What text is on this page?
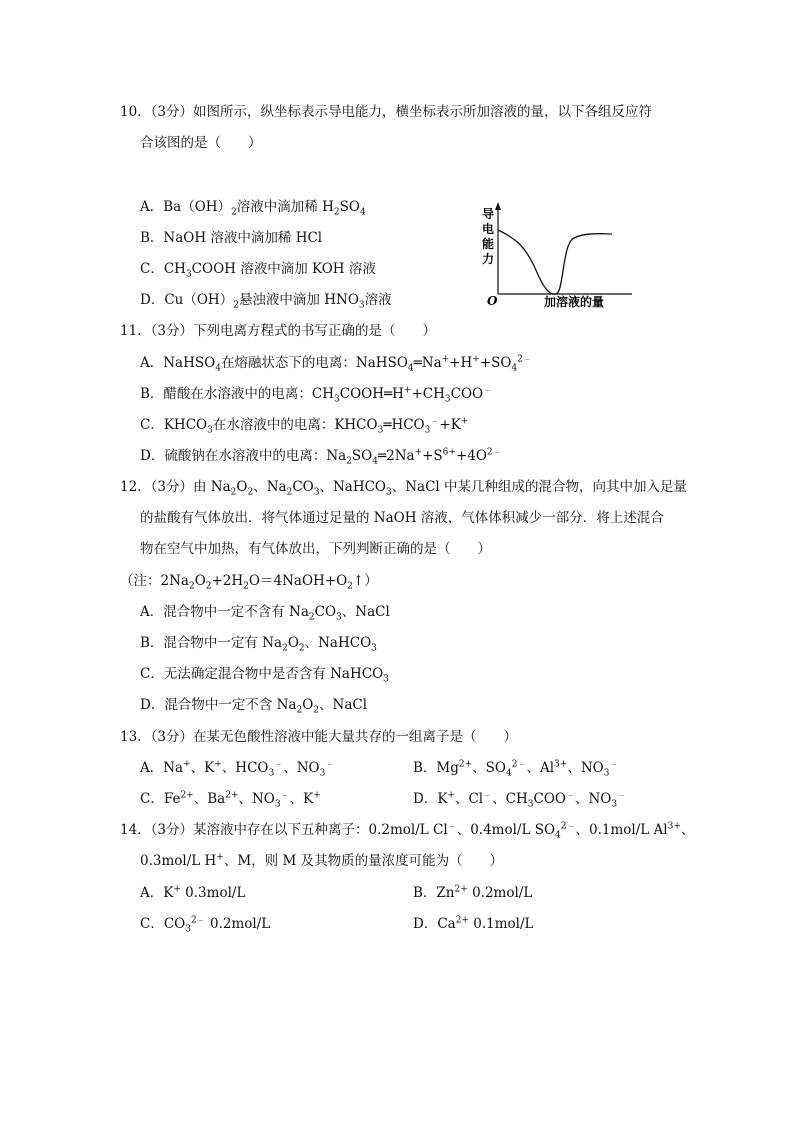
10．（3分）如图所示，纵坐标表示导电能力，横坐标表示所加溶液的量，以下各组反应符
合该图的是（　　）
A．$Ba(OH)_2$溶液中滴加稀 $H_2SO_4$
B．NaOH 溶液中滴加稀 HCl
C．$CH_3COOH$ 溶液中滴加 KOH 溶液
D．$Cu(OH)_2$悬浊液中滴加 $HNO_3$溶液
导
电
能
力
O	加溶液的量
11．（3分）下列电离方程式的书写正确的是（　　）
A．NaHSO$_4$在熔融状态下的电离：$NaHSO_4═Na^++H^++SO_4^{2﹣}$
B．醋酸在水溶液中的电离：$CH_3COOH═H^++CH_3COO^﹣$
C．$KHCO_3$在水溶液中的电离：$KHCO_3═HCO_3^﹣+K^+$
D．硫酸钠在水溶液中的电离：$Na_2SO_4═2Na^++S^{6+}+4O^{2﹣}$
12．（3分）由 $Na_2O_2$、$Na_2CO_3$、NaHCO$_3$、NaCl 中某几种组成的混合物，向其中加入足量
的盐酸有气体放出．将气体通过足量的 NaOH 溶液，气体体积减少一部分．将上述混合
物在空气中加热，有气体放出，下列判断正确的是（　　）
（注：$2Na_2O_2+2H_2O=4NaOH+O_2↑$）
A．混合物中一定不含有 $Na_2CO_3$、NaCl
B．混合物中一定有 $Na_2O_2$、NaHCO$_3$
C．无法确定混合物中是否含有 NaHCO$_3$
D．混合物中一定不含 $Na_2O_2$、NaCl
13．（3分）在某无色酸性溶液中能大量共存的一组离子是（　　）
A．Na+、K+、$HCO_3^﹣$、$NO_3^﹣$	B．$Mg^{2+}$、$SO_4^{2﹣}$、$Al^{3+}$、$NO_3^﹣$
C．$Fe^{2+}$、$Ba^{2+}$、$NO_3^﹣$、K+	D．K+、Cl﹣、$CH_3COO^﹣$、$NO_3^﹣$
14．（3分）某溶液中存在以下五种离子：0.2mol/L Cl﹣、0.4mol/L $SO_4^{2﹣}$、0.1mol/L $Al^{3+}$、
0.3mol/L H+、M，则 M 及其物质的量浓度可能为（　　）
A．K+ 0.3mol/L	B．$Zn^{2+}$ 0.2mol/L
C．$CO_3^{2﹣}$ 0.2mol/L	D．$Ca^{2+}$ 0.1mol/L
